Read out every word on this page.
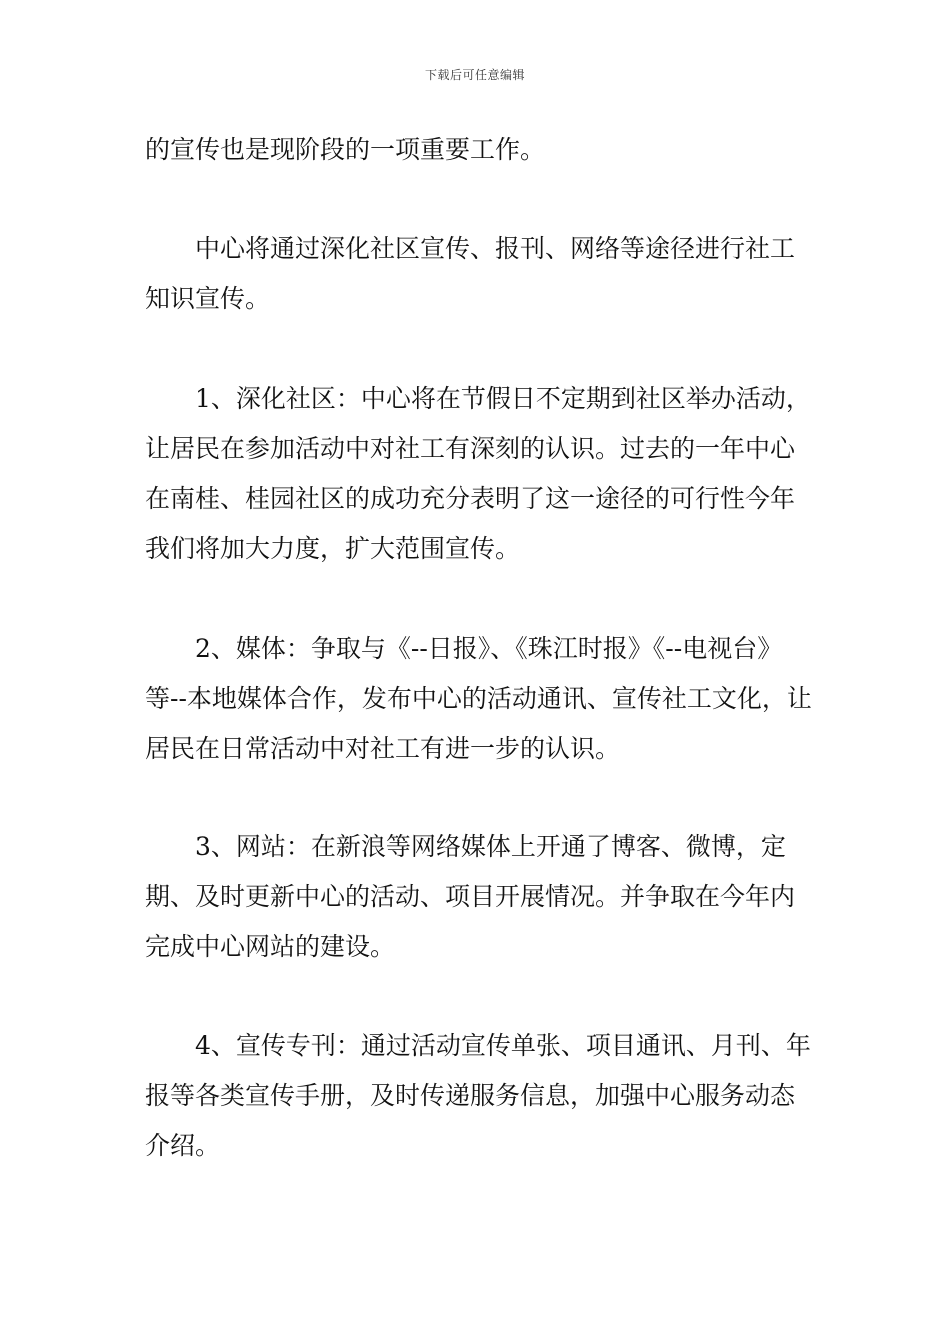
下载后可任意编辑

的宣传也是现阶段的一项重要工作。

中心将通过深化社区宣传、报刊、网络等途径进行社工知识宣传。

1、深化社区：中心将在节假日不定期到社区举办活动，让居民在参加活动中对社工有深刻的认识。过去的一年中心在南桂、桂园社区的成功充分表明了这一途径的可行性今年我们将加大力度，扩大范围宣传。

2、媒体：争取与《--日报》、《珠江时报》《--电视台》等--本地媒体合作，发布中心的活动通讯、宣传社工文化，让居民在日常活动中对社工有进一步的认识。

3、网站：在新浪等网络媒体上开通了博客、微博，定期、及时更新中心的活动、项目开展情况。并争取在今年内完成中心网站的建设。

4、宣传专刊：通过活动宣传单张、项目通讯、月刊、年报等各类宣传手册，及时传递服务信息，加强中心服务动态介绍。
